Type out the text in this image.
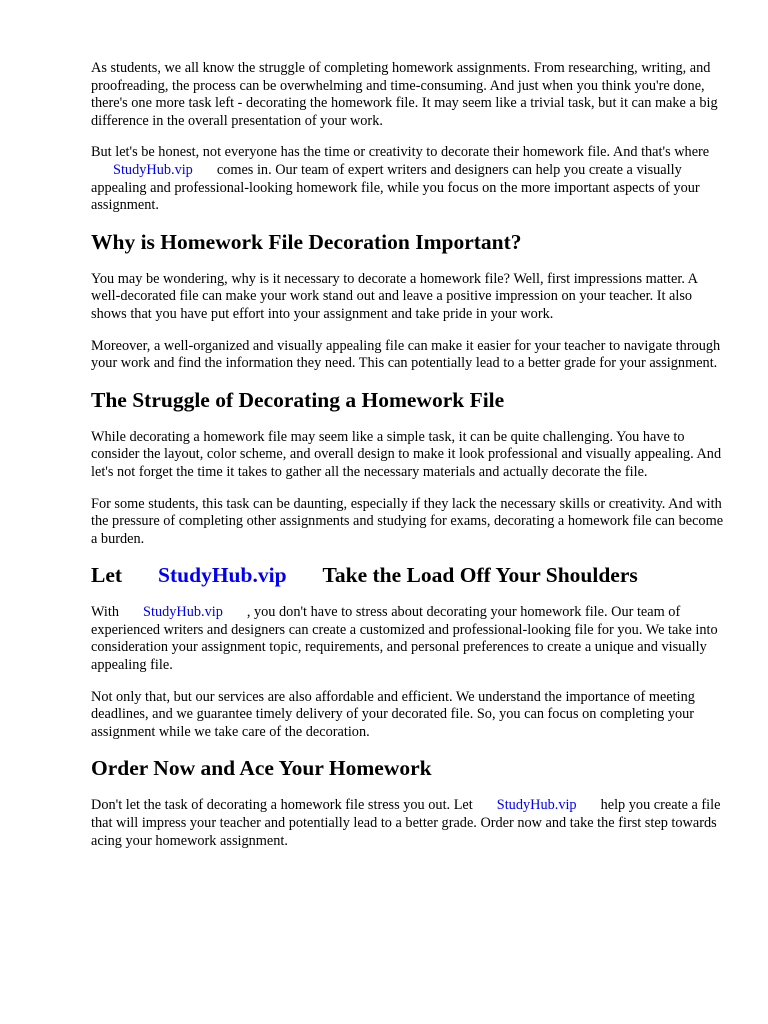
As students, we all know the struggle of completing homework assignments. From researching, writing, and proofreading, the process can be overwhelming and time-consuming. And just when you think you're done, there's one more task left - decorating the homework file. It may seem like a trivial task, but it can make a big difference in the overall presentation of your work.

But let's be honest, not everyone has the time or creativity to decorate their homework file. And that's whereStudyHub.vip comes in. Our team of expert writers and designers can help you create a visually appealing and professional-looking homework file, while you focus on the more important aspects of your assignment.

Why is Homework File Decoration Important?

You may be wondering, why is it necessary to decorate a homework file? Well, first impressions matter. A well-decorated file can make your work stand out and leave a positive impression on your teacher. It also shows that you have put effort into your assignment and take pride in your work.

Moreover, a well-organized and visually appealing file can make it easier for your teacher to navigate through your work and find the information they need. This can potentially lead to a better grade for your assignment.

The Struggle of Decorating a Homework File

While decorating a homework file may seem like a simple task, it can be quite challenging. You have to consider the layout, color scheme, and overall design to make it look professional and visually appealing. And let's not forget the time it takes to gather all the necessary materials and actually decorate the file.

For some students, this task can be daunting, especially if they lack the necessary skills or creativity. And with the pressure of completing other assignments and studying for exams, decorating a homework file can become a burden.

Let StudyHub.vip Take the Load Off Your Shoulders

With StudyHub.vip , you don't have to stress about decorating your homework file. Our team of experienced writers and designers can create a customized and professional-looking file for you. We take into consideration your assignment topic, requirements, and personal preferences to create a unique and visually appealing file.

Not only that, but our services are also affordable and efficient. We understand the importance of meeting deadlines, and we guarantee timely delivery of your decorated file. So, you can focus on completing your assignment while we take care of the decoration.

Order Now and Ace Your Homework

Don't let the task of decorating a homework file stress you out. Let StudyHub.vip help you create a file that will impress your teacher and potentially lead to a better grade. Order now and take the first step towards acing your homework assignment.
